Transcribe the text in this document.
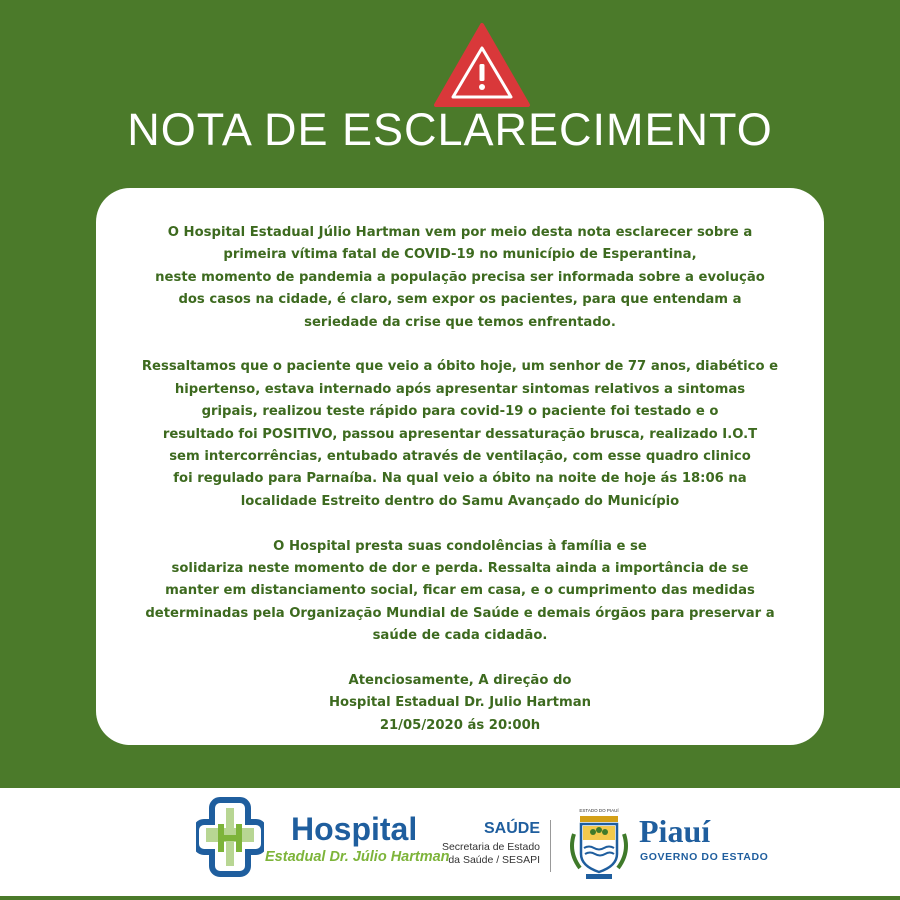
NOTA DE ESCLARECIMENTO
O Hospital Estadual Júlio Hartman vem por meio desta nota esclarecer sobre a
primeira vítima fatal de COVID-19 no município de Esperantina,
neste momento de pandemia a população precisa ser informada sobre a evolução
dos casos na cidade, é claro, sem expor os pacientes, para que entendam a
seriedade da crise que temos enfrentado.
Ressaltamos que o paciente que veio a óbito hoje, um senhor de 77 anos, diabético e
hipertenso, estava internado após apresentar sintomas relativos a sintomas
gripais, realizou teste rápido para covid-19 o paciente foi testado e o
resultado foi POSITIVO, passou apresentar dessaturação brusca, realizado I.O.T
sem intercorrências, entubado através de ventilação, com esse quadro clinico
foi regulado para Parnaíba. Na qual veio a óbito na noite de hoje ás 18:06 na
localidade Estreito dentro do Samu Avançado do Município
O Hospital presta suas condolências à família e se
solidariza neste momento de dor e perda. Ressalta ainda a importância de se
manter em distanciamento social, ficar em casa, e o cumprimento das medidas
determinadas pela Organização Mundial de Saúde e demais órgãos para preservar a
saúde de cada cidadão.
Atenciosamente, A direção do
Hospital Estadual Dr. Julio Hartman
21/05/2020 ás 20:00h
Hospital
Estadual Dr. Júlio Hartman
SAÚDE
Secretaria de Estado
da Saúde / SESAPI
ESTADO DO PIAUÍ
Piauí
GOVERNO DO ESTADO
